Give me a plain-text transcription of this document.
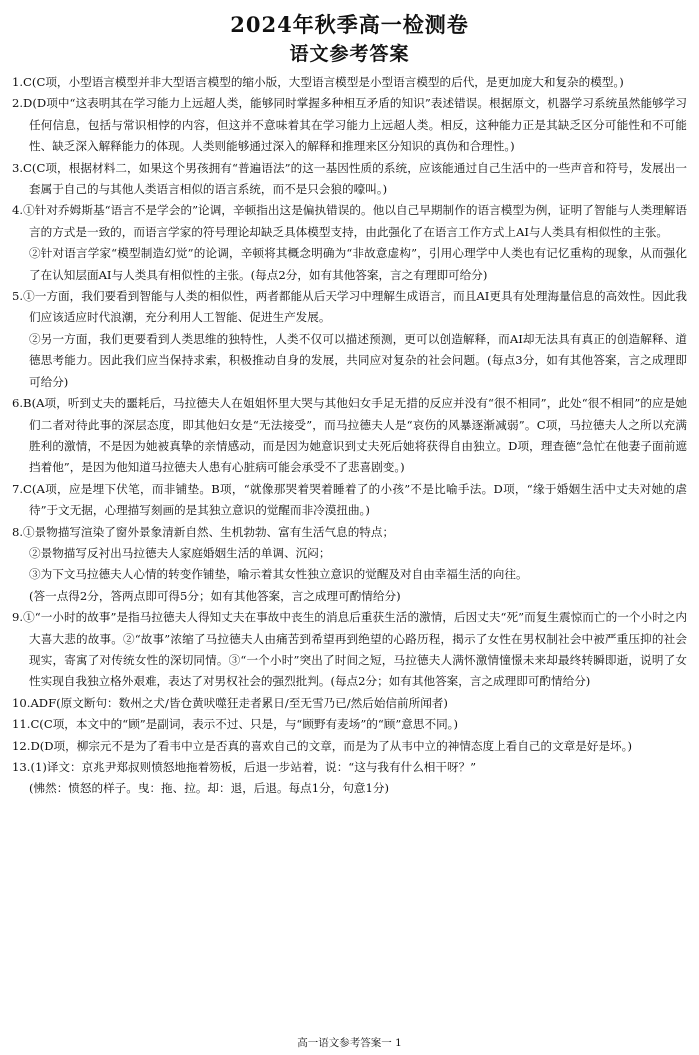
2024年秋季高一检测卷
语文参考答案

1.C(C项，小型语言模型并非大型语言模型的缩小版，大型语言模型是小型语言模型的后代，是更加庞大和复杂的模型。)

2.D(D项中“这表明其在学习能力上远超人类，能够同时掌握多种相互矛盾的知识”表述错误。根据原文，机器学习系统虽然能够学习任何信息，包括与常识相悖的内容，但这并不意味着其在学习能力上远超人类。相反，这种能力正是其缺乏区分可能性和不可能性、缺乏深入解释能力的体现。人类则能够通过深入的解释和推理来区分知识的真伪和合理性。)

3.C(C项，根据材料二，如果这个男孩拥有“普遍语法”的这一基因性质的系统，应该能通过自己生活中的一些声音和符号，发展出一套属于自己的与其他人类语言相似的语言系统，而不是只会狼的嚎叫。)

4.①针对乔姆斯基“语言不是学会的”论调，辛顿指出这是偏执错误的。他以自己早期制作的语言模型为例，证明了智能与人类理解语言的方式是一致的，而语言学家的符号理论却缺乏具体模型支持，由此强化了在语言工作方式上AI与人类具有相似性的主张。
②针对语言学家“模型制造幻觉”的论调，辛顿将其概念明确为“非故意虚构”，引用心理学中人类也有记忆重构的现象，从而强化了在认知层面AI与人类具有相似性的主张。(每点2分，如有其他答案，言之有理即可给分)

5.①一方面，我们要看到智能与人类的相似性，两者都能从后天学习中理解生成语言，而且AI更具有处理海量信息的高效性。因此我们应该适应时代浪潮，充分利用人工智能、促进生产发展。
②另一方面，我们更要看到人类思维的独特性，人类不仅可以描述预测，更可以创造解释，而AI却无法具有真正的创造解释、道德思考能力。因此我们应当保持求索，积极推动自身的发展，共同应对复杂的社会问题。(每点3分，如有其他答案，言之成理即可给分)

6.B(A项，听到丈夫的噩耗后，马拉德夫人在姐姐怀里大哭与其他妇女手足无措的反应并没有“很不相同”，此处“很不相同”的应是她们二者对待此事的深层态度，即其他妇女是“无法接受”，而马拉德夫人是“哀伤的风暴逐渐减弱”。C项，马拉德夫人之所以充满胜利的激情，不是因为她被真挚的亲情感动，而是因为她意识到丈夫死后她将获得自由独立。D项，理查德“急忙在他妻子面前遮挡着他”，是因为他知道马拉德夫人患有心脏病可能会承受不了悲喜剧变。)

7.C(A项，应是埋下伏笔，而非铺垫。B项，“就像那哭着哭着睡着了的小孩”不是比喻手法。D项，“缘于婚姻生活中丈夫对她的虐待”于文无据，心理描写刻画的是其独立意识的觉醒而非冷漠扭曲。)

8.①景物描写渲染了窗外景象清新自然、生机勃勃、富有生活气息的特点；
②景物描写反衬出马拉德夫人家庭婚姻生活的单调、沉闷；
③为下文马拉德夫人心情的转变作铺垫，喻示着其女性独立意识的觉醒及对自由幸福生活的向往。
(答一点得2分，答两点即可得5分；如有其他答案，言之成理可酌情给分)

9.①“一小时的故事”是指马拉德夫人得知丈夫在事故中丧生的消息后重获生活的激情，后因丈夫“死”而复生震惊而亡的一个小时之内大喜大悲的故事。②“故事”浓缩了马拉德夫人由痛苦到希望再到绝望的心路历程，揭示了女性在男权制社会中被严重压抑的社会现实，寄寓了对传统女性的深切同情。③“一个小时”突出了时间之短，马拉德夫人满怀激情憧憬未来却最终转瞬即逝，说明了女性实现自我独立格外艰难，表达了对男权社会的强烈批判。(每点2分；如有其他答案，言之成理即可酌情给分)

10.ADF(原文断句：数州之犬/皆仓黄吠噬狂走者累日/至无雪乃已/然后始信前所闻者)

11.C(C项，本文中的“顾”是副词，表示不过、只是，与“顾野有麦场”的“顾”意思不同。)

12.D(D项，柳宗元不是为了看韦中立是否真的喜欢自己的文章，而是为了从韦中立的神情态度上看自己的文章是好是坏。)

13.(1)译文：京兆尹郑叔则愤怒地拖着笏板，后退一步站着，说：“这与我有什么相干呀？”
(怫然：愤怒的样子。曳：拖、拉。却：退，后退。每点1分，句意1分)

高一语文参考答案一 1
